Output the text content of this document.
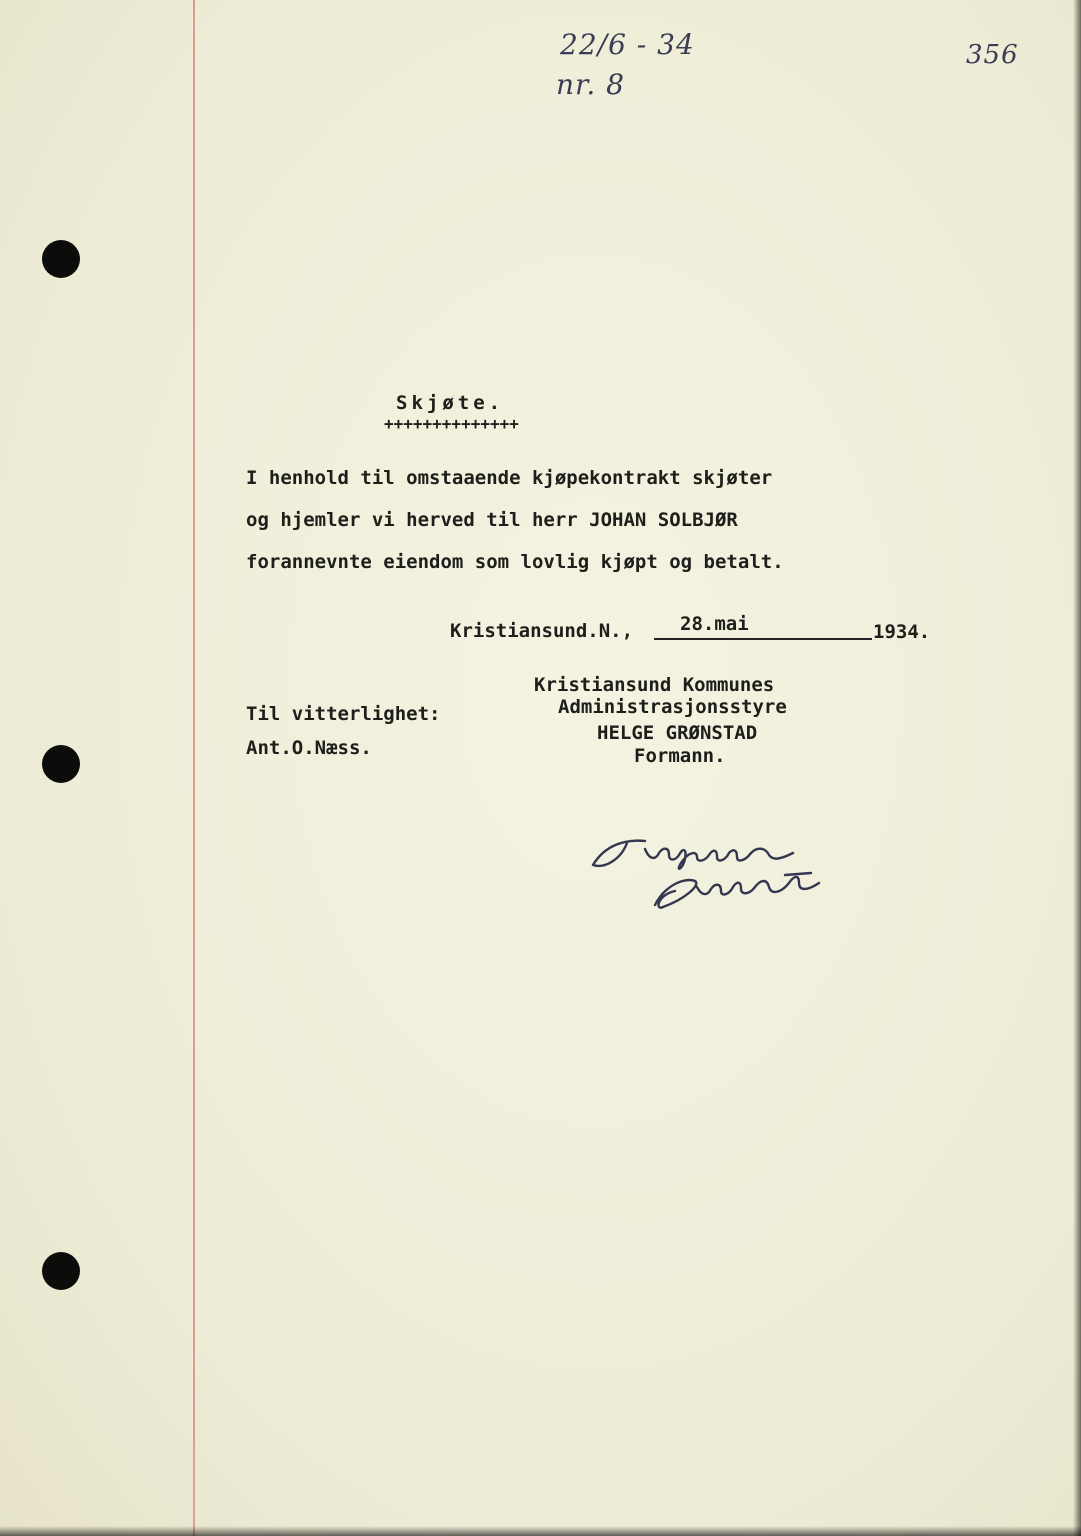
22/6 - 34
nr. 8
356
Skjøte.
++++++++++++++
I henhold til omstaaende kjøpekontrakt skjøter
og hjemler vi herved til herr JOHAN SOLBJØR
forannevnte eiendom som lovlig kjøpt og betalt.
Kristiansund.N., 28.mai	1934.
Kristiansund Kommunes
Administrasjonsstyre
HELGE GRØNSTAD
Formann.
Til vitterlighet:
Ant.O.Næss.
